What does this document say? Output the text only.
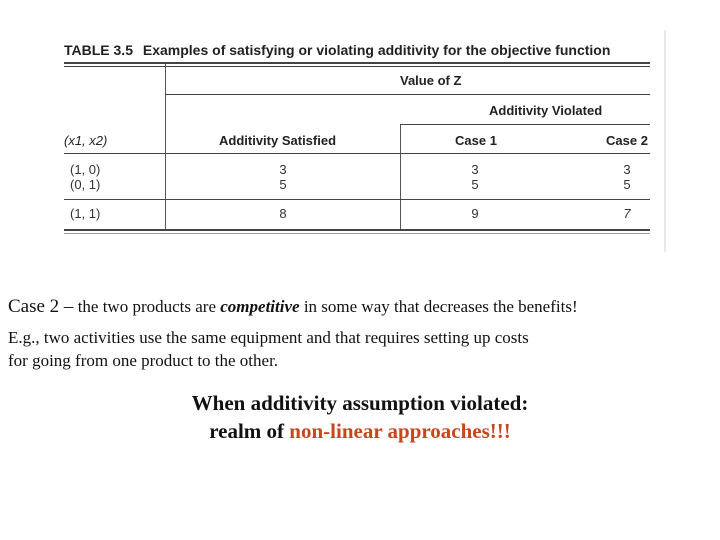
TABLE 3.5 Examples of satisfying or violating additivity for the objective function
Value of Z
Additivity Violated
(x1, x2)	Additivity Satisfied	Case 1	Case 2
(1, 0)	3	3	3
(0, 1)	5	5	5
(1, 1)	8	9	7
Case 2 – the two products are competitive in some way that decreases the benefits!
E.g., two activities use the same equipment and that requires setting up costs
for going from one product to the other.
When additivity assumption violated:
realm of non-linear approaches!!!
